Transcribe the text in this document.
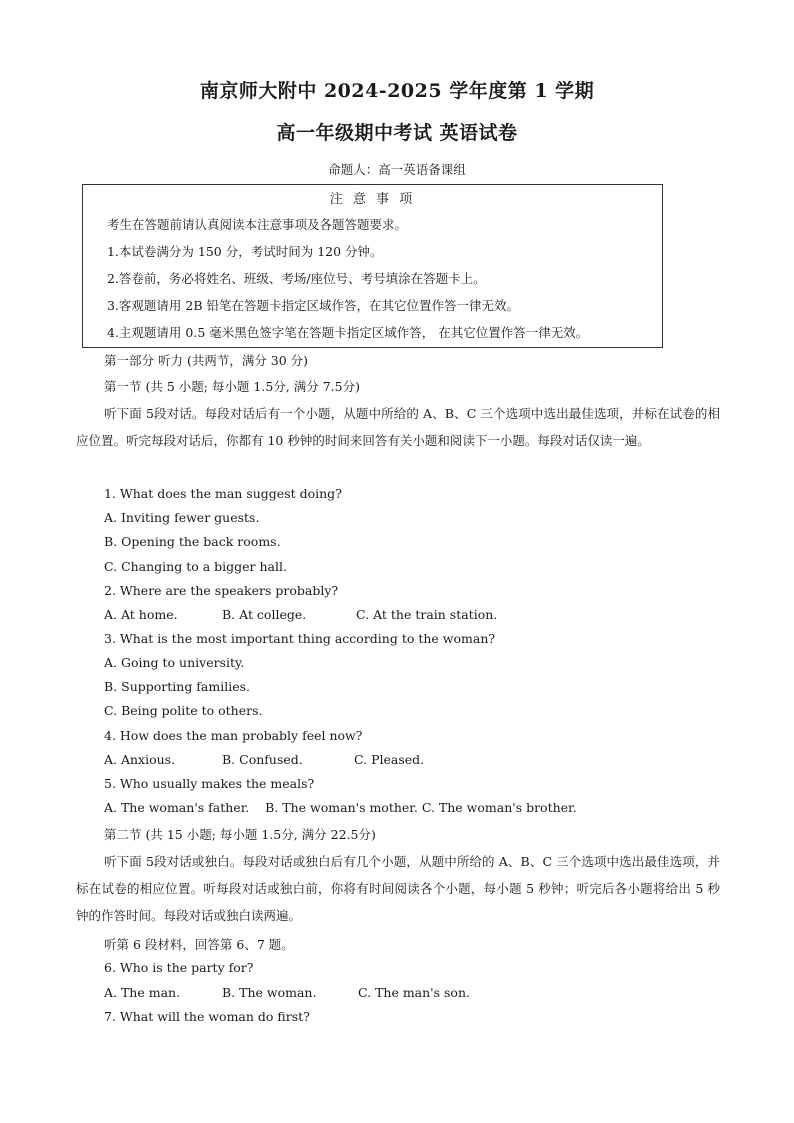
南京师大附中 2024-2025 学年度第 1 学期
高一年级期中考试 英语试卷
命题人：高一英语备课组
注 意 事 项
考生在答题前请认真阅读本注意事项及各题答题要求。
1.本试卷满分为 150 分，考试时间为 120 分钟。
2.答卷前，务必将姓名、班级、考场/座位号、考号填涂在答题卡上。
3.客观题请用 2B 铅笔在答题卡指定区域作答，在其它位置作答一律无效。
4.主观题请用 0.5 毫米黑色签字笔在答题卡指定区域作答， 在其它位置作答一律无效。
第一部分 听力 (共两节，满分 30 分)
第一节 (共 5 小题; 每小题 1.5分, 满分 7.5分)
听下面 5段对话。每段对话后有一个小题，从题中所给的 A、B、C 三个选项中选出最佳选项，并标在试卷的相应位置。听完每段对话后，你都有 10 秒钟的时间来回答有关小题和阅读下一小题。每段对话仅读一遍。
1. What does the man suggest doing?
A. Inviting fewer guests.
B. Opening the back rooms.
C. Changing to a bigger hall.
2. Where are the speakers probably?
A. At home.	B. At college.	C. At the train station.
3. What is the most important thing according to the woman?
A. Going to university.
B. Supporting families.
C. Being polite to others.
4. How does the man probably feel now?
A. Anxious.	B. Confused.	C. Pleased.
5. Who usually makes the meals?
A. The woman's father.    B. The woman's mother. C. The woman's brother.
第二节 (共 15 小题; 每小题 1.5分, 满分 22.5分)
听下面 5段对话或独白。每段对话或独白后有几个小题，从题中所给的 A、B、C 三个选项中选出最佳选项，并标在试卷的相应位置。听每段对话或独白前，你将有时间阅读各个小题，每小题 5 秒钟；听完后各小题将给出 5 秒钟的作答时间。每段对话或独白读两遍。
听第 6 段材料，回答第 6、7 题。
6. Who is the party for?
A. The man.	B. The woman.	C. The man's son.
7. What will the woman do first?
